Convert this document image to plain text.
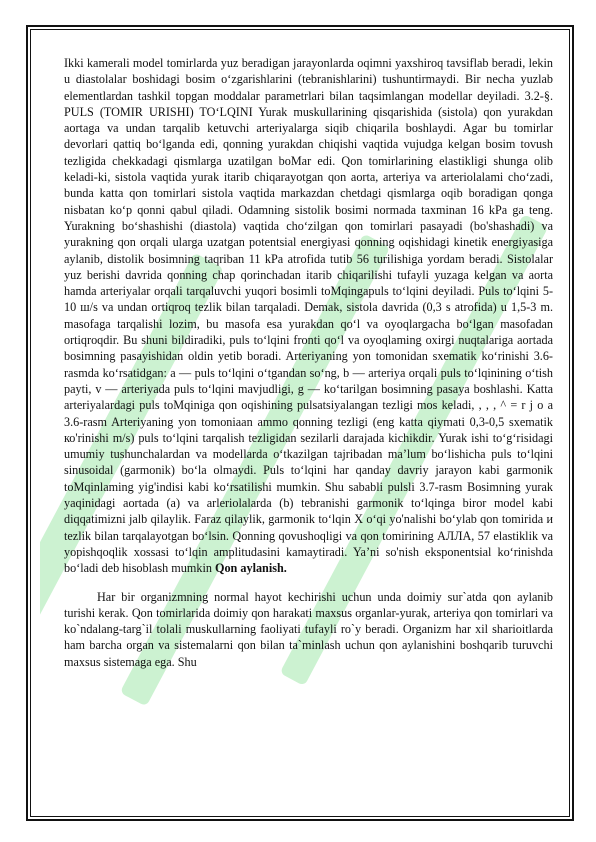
Ikki kamerali model tomirlarda yuz beradigan jarayonlarda oqimni yaxshiroq tavsiflab beradi, lekin u diastolalar boshidagi bosim o‘zgarishlarini (tebranishlarini) tushuntirmaydi. Bir necha yuzlab elementlardan tashkil topgan moddalar parametrlari bilan taqsimlangan modellar deyiladi. 3.2-§. PULS (TOMIR URISHI) TO‘LQINI Yurak muskullarining qisqarishida (sistola) qon yurakdan aortaga va undan tarqalib ketuvchi arteriyalarga siqib chiqarila boshlaydi. Agar bu tomirlar devorlari qattiq bo‘lganda edi, qonning yurakdan chiqishi vaqtida vujudga kelgan bosim tovush tezligida chekkadagi qismlarga uzatilgan boMar edi. Qon tomirlarining elastikligi shunga olib keladi-ki, sistola vaqtida yurak itarib chiqarayotgan qon aorta, arteriya va arteriolalami cho‘zadi, bunda katta qon tomirlari sistola vaqtida markazdan chetdagi qismlarga oqib boradigan qonga nisbatan ko‘p qonni qabul qiladi. Odamning sistolik bosimi normada taxminan 16 kPa ga teng. Yurakning bo‘shashishi (diastola) vaqtida cho‘zilgan qon tomirlari pasayadi (bo'shashadi) va yurakning qon orqali ularga uzatgan potentsial energiyasi qonning oqishidagi kinetik energiyasiga aylanib, distolik bosimning taqriban 11 kPa atrofida tutib 56 turilishiga yordam beradi. Sistolalar yuz berishi davrida qonning chap qorinchadan itarib chiqarilishi tufayli yuzaga kelgan va aorta hamda arteriyalar orqali tarqaluvchi yuqori bosimli toMqingapuls to‘lqini deyiladi. Puls to‘lqini 5-10 ш/s va undan ortiqroq tezlik bilan tarqaladi. Demak, sistola davrida (0,3 s atrofida) u 1,5-3 m. masofaga tarqalishi lozim, bu masofa esa yurakdan qo‘l va oyoqlargacha bo‘lgan masofadan ortiqroqdir. Bu shuni bildiradiki, puls to‘lqini fronti qo‘l va oyoqlaming oxirgi nuqtalariga aortada bosimning pasayishidan oldin yetib boradi. Arteriyaning yon tomonidan sxematik ko‘rinishi 3.6-rasmda ko‘rsatidgan: a — puls to‘lqini o‘tgandan so‘ng, b — arteriya orqali puls to‘lqinining o‘tish payti, v — arteriyada puls to‘lqini mavjudligi, g — ko‘tarilgan bosimning pasaya boshlashi. Katta arteriyalardagi puls toMqiniga qon oqishining pulsatsiyalangan tezligi mos keladi, , , , ^ = r j o a 3.6-rasm Arteriyaning yon tomoniaan ammo qonning tezligi (eng katta qiymati 0,3-0,5 sxematik ко'rinishi m/s) puls to‘lqini tarqalish tezligidan sezilarli darajada kichikdir. Yurak ishi to‘g‘risidagi umumiy tushunchalardan va modellarda o‘tkazilgan tajribadan ma’lum bo‘lishicha puls to‘lqini sinusoidal (garmonik) bo‘la olmaydi. Puls to‘lqini har qanday davriy jarayon kabi garmonik toMqinlaming yig'indisi kabi ko‘rsatilishi mumkin. Shu sababli pulsli 3.7-rasm Bosimning yurak yaqinidagi aortada (a) va arleriolalarda (b) tebranishi garmonik to‘lqinga biror model kabi diqqatimizni jalb qilaylik. Faraz qilaylik, garmonik to‘lqin X o‘qi yo'nalishi bo‘ylab qon tomirida и tezlik bilan tarqalayotgan bo‘lsin. Qonning qovushoqligi va qon tomirining АЛЛА, 57 elastiklik va yopishqoqlik xossasi to‘lqin amplitudasini kamaytiradi. Ya’ni so'nish eksponentsial ko‘rinishda bo‘ladi deb hisoblash mumkin Qon aylanish.

Har bir organizmning normal hayot kechirishi uchun unda doimiy sur`atda qon aylanib turishi kerak. Qon tomirlarida doimiy qon harakati maxsus organlar-yurak, arteriya qon tomirlari va ko`ndalang-targ`il tolali muskullarning faoliyati tufayli ro`y beradi. Organizm har xil sharioitlarda ham barcha organ va sistemalarni qon bilan ta`minlash uchun qon aylanishini boshqarib turuvchi maxsus sistemaga ega. Shu
